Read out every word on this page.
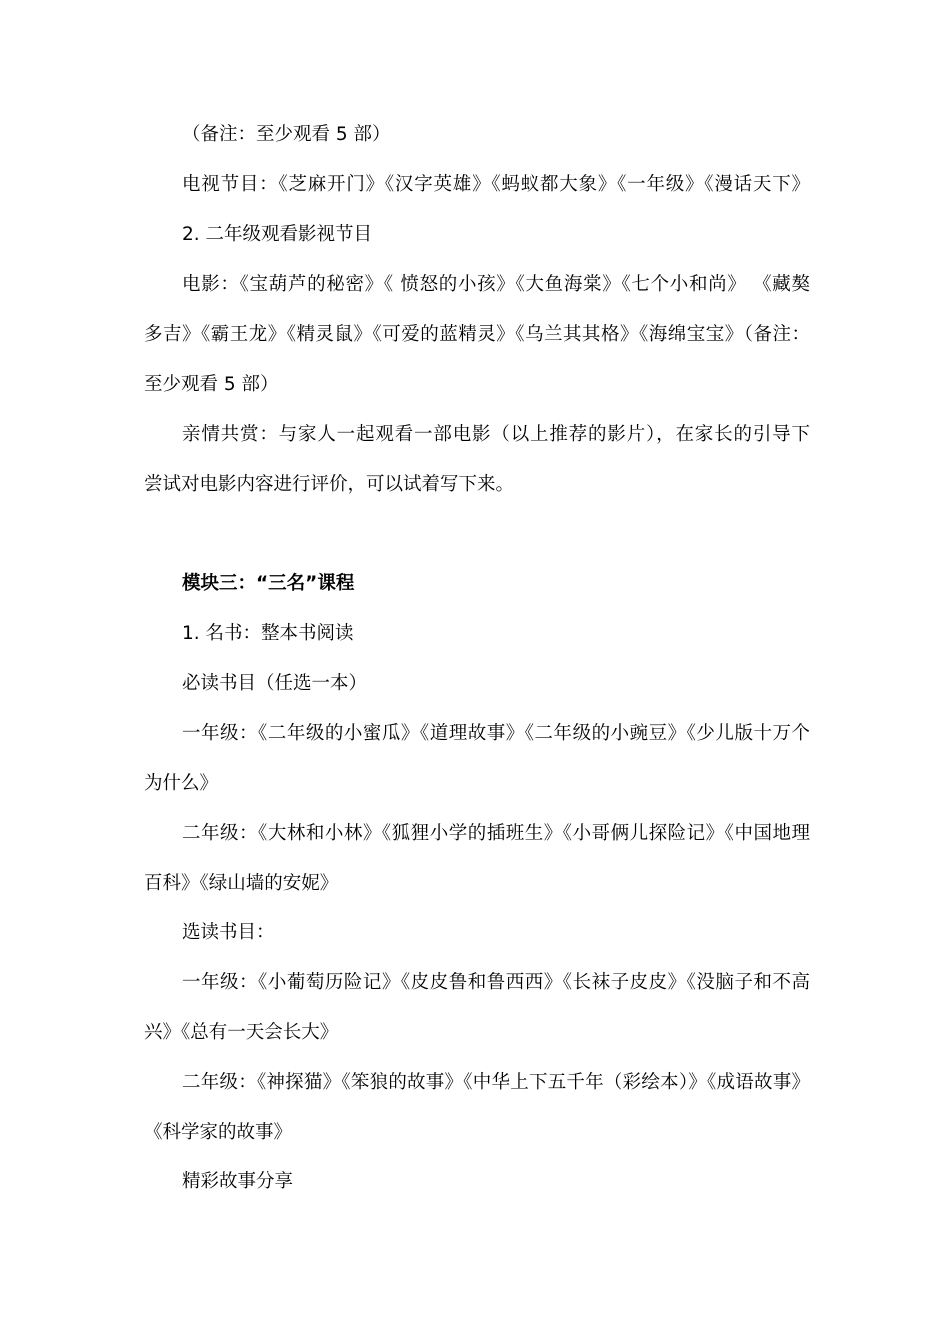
（备注：至少观看 5 部）
电视节目：《芝麻开门》《汉字英雄》《蚂蚁都大象》《一年级》《漫话天下》
2. 二年级观看影视节目
电影：《宝葫芦的秘密》《 愤怒的小孩》《大鱼海棠》《七个小和尚》 《藏獒
多吉》《霸王龙》《精灵鼠》《可爱的蓝精灵》《乌兰其其格》《海绵宝宝》（备注：
至少观看 5 部）
亲情共赏：与家人一起观看一部电影（以上推荐的影片），在家长的引导下
尝试对电影内容进行评价，可以试着写下来。
模块三：“三名”课程
1. 名书：整本书阅读
必读书目（任选一本）
一年级：《二年级的小蜜瓜》《道理故事》《二年级的小豌豆》《少儿版十万个
为什么》
二年级：《大林和小林》《狐狸小学的插班生》《小哥俩儿探险记》《中国地理
百科》《绿山墙的安妮》
选读书目：
一年级：《小葡萄历险记》《皮皮鲁和鲁西西》《长袜子皮皮》《没脑子和不高
兴》《总有一天会长大》
二年级：《神探猫》《笨狼的故事》《中华上下五千年（彩绘本）》《成语故事》
《科学家的故事》
精彩故事分享
